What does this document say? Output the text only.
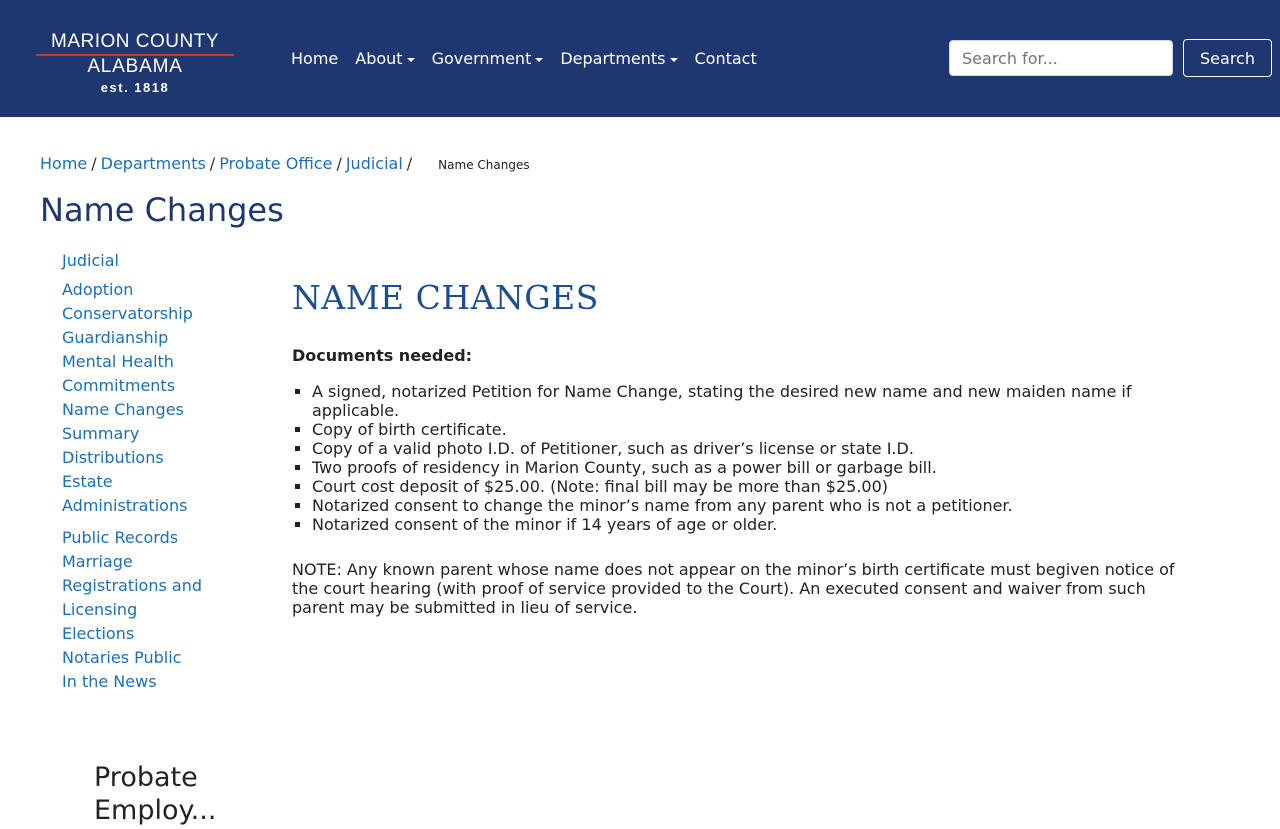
MARION COUNTY
ALABAMA
est. 1818
Home About	Government	Departments	Contact
Search for...	Search
Home / Departments / Probate Office / Judicial / Name Changes
Name Changes
Judicial
Adoption
Conservatorship
Guardianship
Mental Health
Commitments
Name Changes
Summary
Distributions
Estate
Administrations
Public Records
Marriage
Registrations and
Licensing
Elections
Notaries Public
In the News
NAME CHANGES

Documents needed:

▪ A signed, notarized Petition for Name Change, stating the desired new name and new maiden name if applicable.
▪ Copy of birth certificate.
▪ Copy of a valid photo I.D. of Petitioner, such as driver’s license or state I.D.
▪ Two proofs of residency in Marion County, such as a power bill or garbage bill.
▪ Court cost deposit of $25.00. (Note: final bill may be more than $25.00)
▪ Notarized consent to change the minor’s name from any parent who is not a petitioner.
▪ Notarized consent of the minor if 14 years of age or older.

NOTE: Any known parent whose name does not appear on the minor’s birth certificate must begiven notice of the court hearing (with proof of service provided to the Court). An executed consent and waiver from such parent may be submitted in lieu of service.

Probate
Employ...
